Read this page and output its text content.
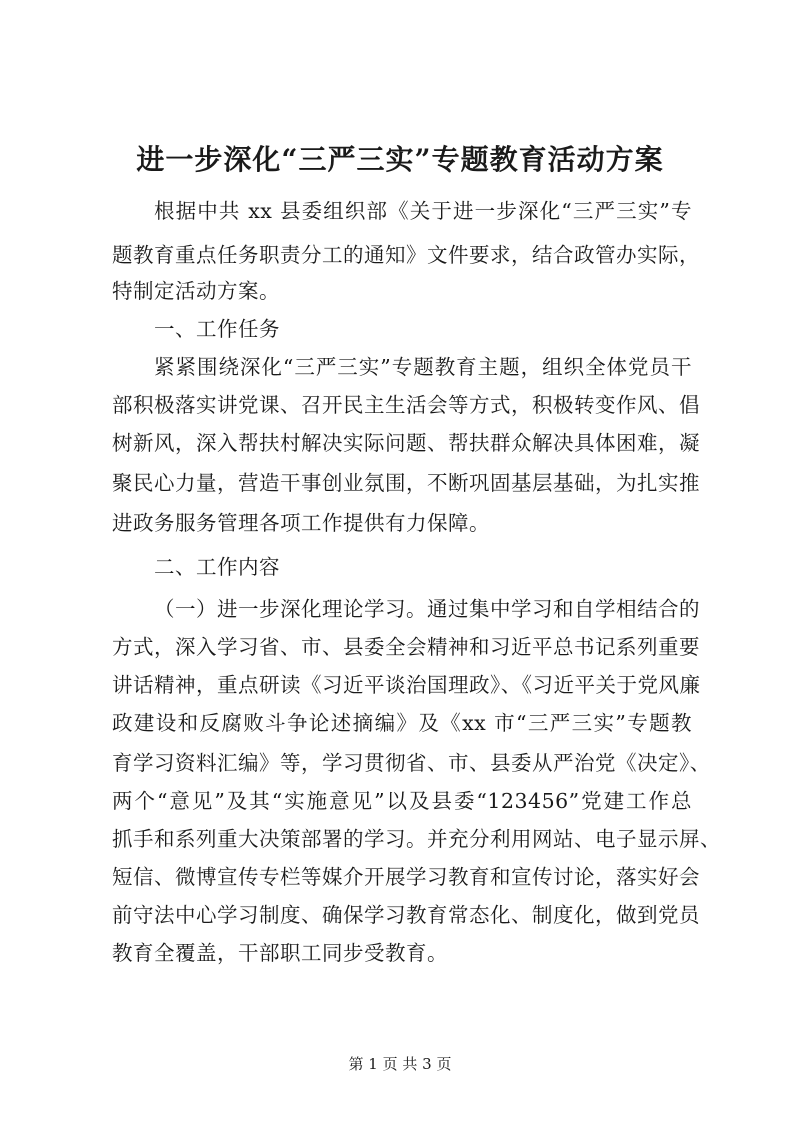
进一步深化“三严三实”专题教育活动方案
根据中共 xx 县委组织部《关于进一步深化“三严三实”专
题教育重点任务职责分工的通知》文件要求，结合政管办实际，
特制定活动方案。
一、工作任务
紧紧围绕深化“三严三实”专题教育主题，组织全体党员干
部积极落实讲党课、召开民主生活会等方式，积极转变作风、倡
树新风，深入帮扶村解决实际问题、帮扶群众解决具体困难，凝
聚民心力量，营造干事创业氛围，不断巩固基层基础，为扎实推
进政务服务管理各项工作提供有力保障。
二、工作内容
（一）进一步深化理论学习。通过集中学习和自学相结合的
方式，深入学习省、市、县委全会精神和习近平总书记系列重要
讲话精神，重点研读《习近平谈治国理政》、《习近平关于党风廉
政建设和反腐败斗争论述摘编》及《xx 市“三严三实”专题教
育学习资料汇编》等，学习贯彻省、市、县委从严治党《决定》、
两个“意见”及其“实施意见”以及县委“123456”党建工作总
抓手和系列重大决策部署的学习。并充分利用网站、电子显示屏、
短信、微博宣传专栏等媒介开展学习教育和宣传讨论，落实好会
前守法中心学习制度、确保学习教育常态化、制度化，做到党员
教育全覆盖，干部职工同步受教育。
第 1 页 共 3 页
